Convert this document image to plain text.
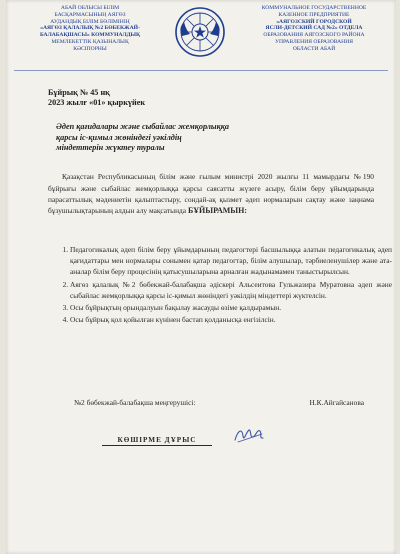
АБАЙ ОБЛЫСЫ БІЛІМ
БАСҚАРМАСЫНЫҢ АЯГӨЗ
АУДАНДЫҚ БІЛІМ БӨЛІМІНІҢ
«АЯГӨЗ ҚАЛАЛЫҚ №2 БӨБЕКЖАЙ-
БАЛАБАҚШАСЫ» КОММУНАЛДЫҚ
МЕМЛЕКЕТТІК ҚАЗЫНАЛЫҚ
КӘСІПОРНЫ
КОММУНАЛЬНОЕ ГОСУДАРСТВЕННОЕ
КАЗЕННОЕ ПРЕДПРИЯТИЕ
«АЯГОЗСКИЙ ГОРОДСКОЙ
ЯСЛИ-ДЕТСКИЙ САД №2» ОТДЕЛА
ОБРАЗОВАНИЯ АЯГОЗСКОГО РАЙОНА
УПРАВЛЕНИЯ ОБРАЗОВАНИЯ
ОБЛАСТИ АБАЙ
Бұйрық № 45 нқ
2023 жылғ «01» қыркүйек
Әдеп қағидалары және сыбайлас жемқорлыққа
қарсы іс-қимыл жөніндегі уәкілдің
міндеттерін жүктеу туралы

Қазақстан Республикасының білім және ғылым министрі 2020 жылғы 11 мамырдағы №190 бұйрығы және сыбайлас жемқорлыққа қарсы саясатты жүзеге асыру, білім беру ұйымдарында парасаттылық мәдениетін қалыптастыру, сондай-ақ қызмет әдеп нормаларын сақтау және заңнама бұзушылықтарының алдын алу мақсатында БҰЙЫРАМЫН:

1. Педагогикалық әдеп білім беру ұйымдарының педагогтері басшылыққа алатын педагогикалық әдеп қағидаттары мен нормалары сонымен қатар педагогтар, білім алушылар, тәрбиеленушілер және ата-аналар білім беру процесінің қатысушыларына арналған жадынамамен таныстырылсын.
2. Аягөз қалалық №2 бөбекжай-балабақша әдіскері Альсеитова Гульжазира Муратовна әдеп және сыбайлас жемқорлыққа қарсы іс-қимыл жөніндегі уәкілдің міндеттері жүктелсін.
3. Осы бұйрықтың орындалуын бақылау жасауды өзіме қалдырамын.
4. Осы бұйрық қол қойылған күнінен бастап қолданысқа енгізілсін.
№2 бөбекжай-балабақша меңгерушісі:	Н.К.Айгайсанова
КӨШІРМЕ ДҰРЫС
